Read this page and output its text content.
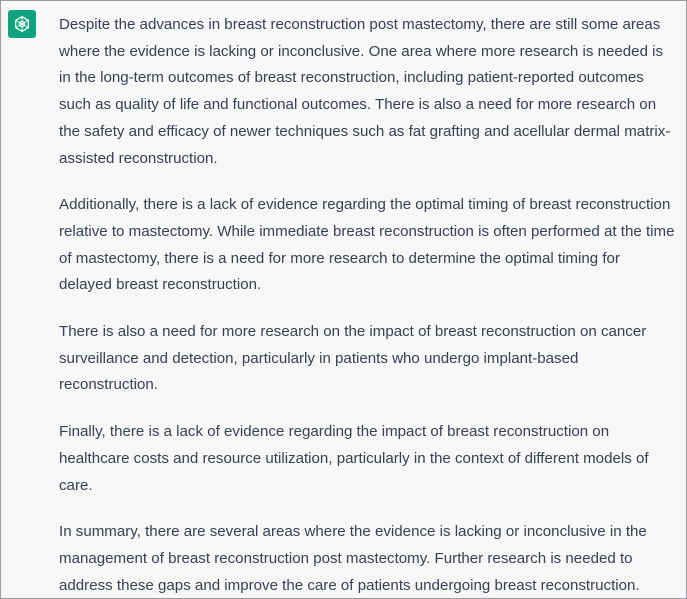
Despite the advances in breast reconstruction post mastectomy, there are still some areas where the evidence is lacking or inconclusive. One area where more research is needed is in the long-term outcomes of breast reconstruction, including patient-reported outcomes such as quality of life and functional outcomes. There is also a need for more research on the safety and efficacy of newer techniques such as fat grafting and acellular dermal matrix-assisted reconstruction.

Additionally, there is a lack of evidence regarding the optimal timing of breast reconstruction relative to mastectomy. While immediate breast reconstruction is often performed at the time of mastectomy, there is a need for more research to determine the optimal timing for delayed breast reconstruction.

There is also a need for more research on the impact of breast reconstruction on cancer surveillance and detection, particularly in patients who undergo implant-based reconstruction.

Finally, there is a lack of evidence regarding the impact of breast reconstruction on healthcare costs and resource utilization, particularly in the context of different models of care.

In summary, there are several areas where the evidence is lacking or inconclusive in the management of breast reconstruction post mastectomy. Further research is needed to address these gaps and improve the care of patients undergoing breast reconstruction.
